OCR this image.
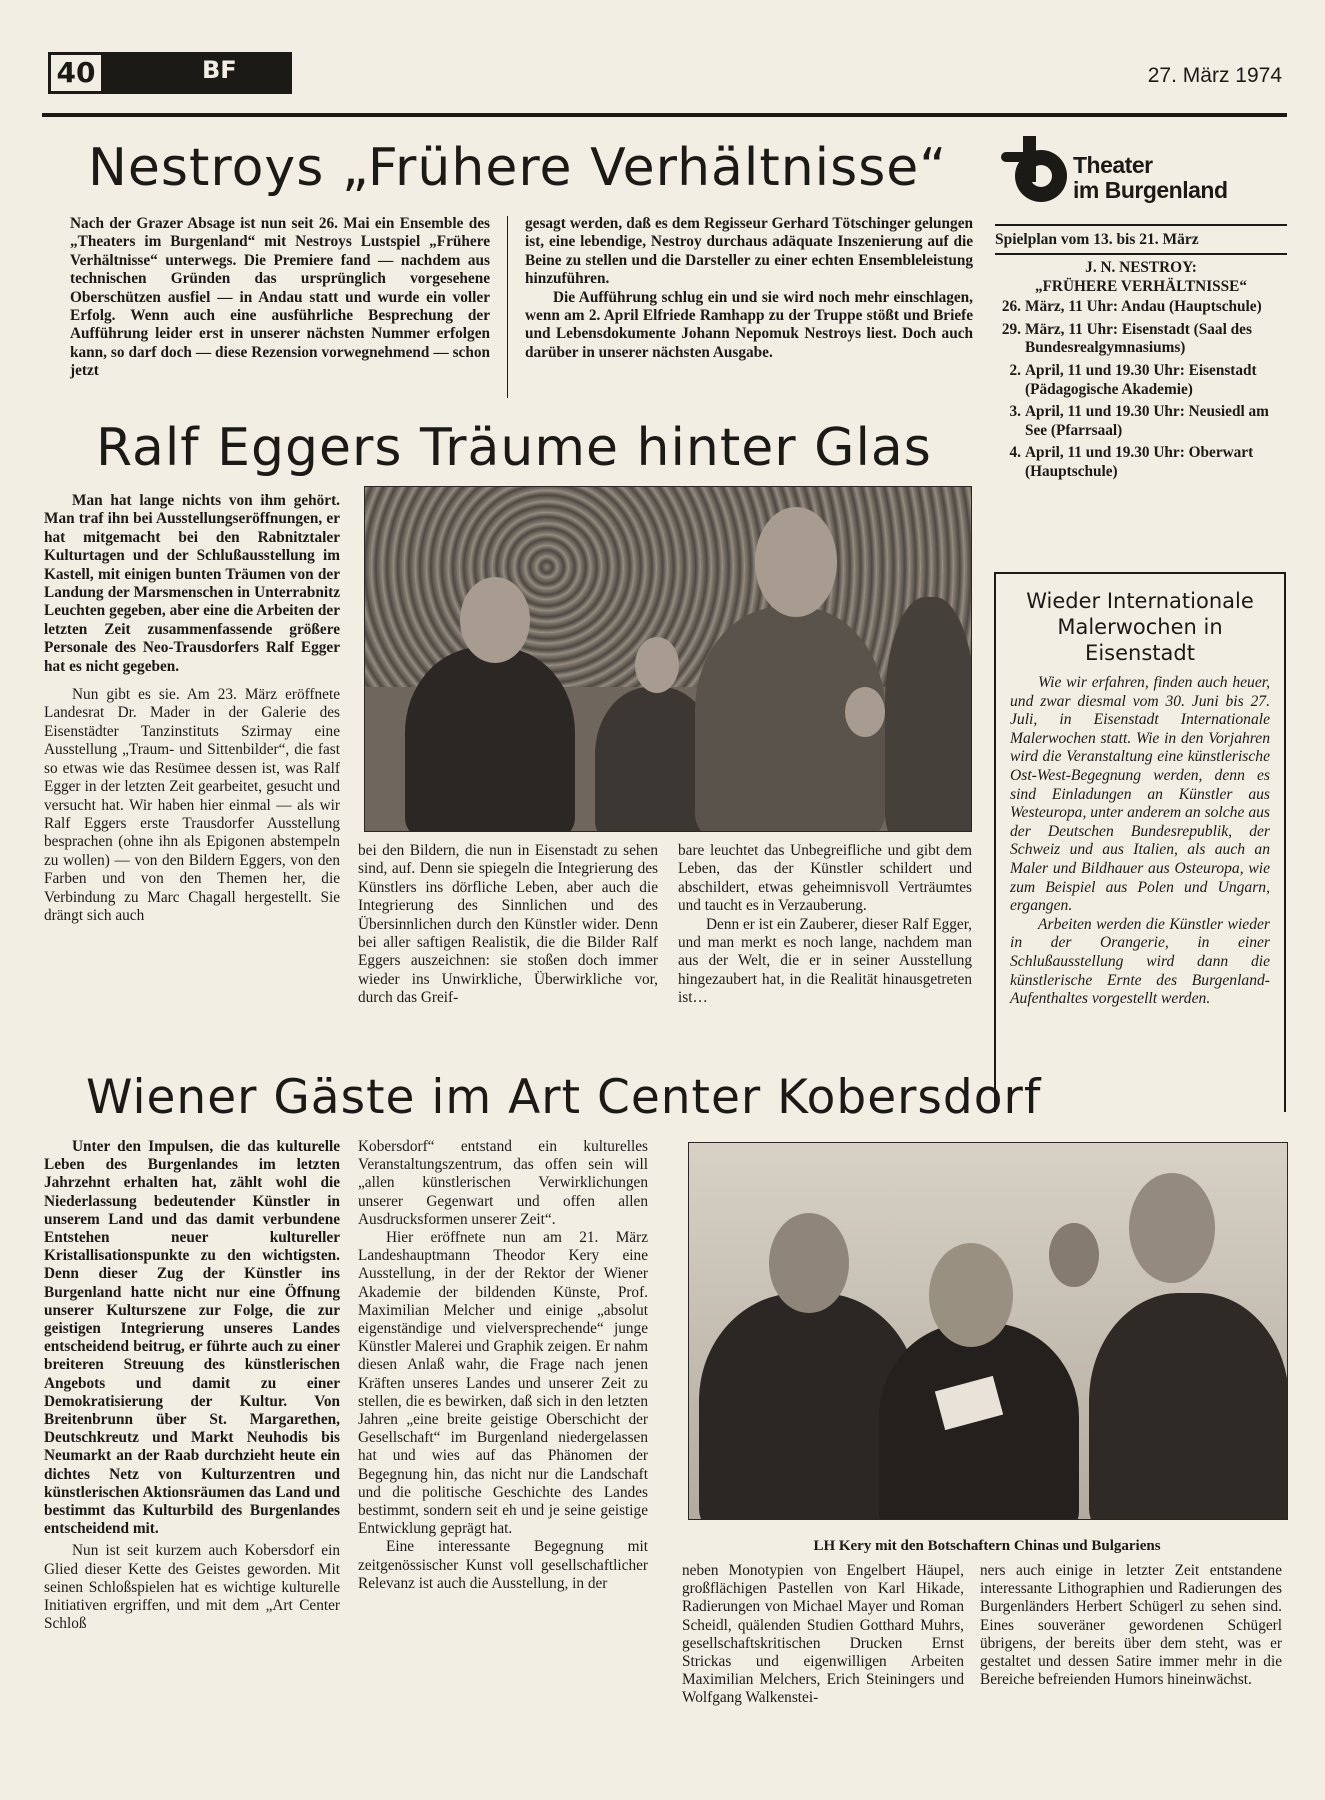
40	BF	27. März 1974
Nestroys „Frühere Verhältnisse“

Nach der Grazer Absage ist nun seit 26. Mai ein Ensemble des „Theaters im Burgenland“ mit Nestroys Lustspiel „Frühere Verhältnisse“ unterwegs. Die Premiere fand — nachdem aus technischen Gründen das ursprünglich vorgesehene Oberschützen ausfiel — in Andau statt und wurde ein voller Erfolg. Wenn auch eine ausführliche Besprechung der Aufführung leider erst in unserer nächsten Nummer erfolgen kann, so darf doch — diese Rezension vorwegnehmend — schon jetzt

gesagt werden, daß es dem Regisseur Gerhard Tötschinger gelungen ist, eine lebendige, Nestroy durchaus adäquate Inszenierung auf die Beine zu stellen und die Darsteller zu einer echten Ensembleleistung hinzuführen.

Die Aufführung schlug ein und sie wird noch mehr einschlagen, wenn am 2. April Elfriede Ramhapp zu der Truppe stößt und Briefe und Lebensdokumente Johann Nepomuk Nestroys liest. Doch auch darüber in unserer nächsten Ausgabe.

Theater
im Burgenland

Spielplan vom 13. bis 21. März

J. N. NESTROY:

„FRÜHERE VERHÄLTNISSE“

26. März, 11 Uhr: Andau (Hauptschule)
29. März, 11 Uhr: Eisenstadt (Saal des Bundesrealgymnasiums)
2. April, 11 und 19.30 Uhr: Eisenstadt (Pädagogische Akademie)
3. April, 11 und 19.30 Uhr: Neusiedl am See (Pfarrsaal)
4. April, 11 und 19.30 Uhr: Oberwart (Hauptschule)
Wieder Internationale Malerwochen in Eisenstadt

Wie wir erfahren, finden auch heuer, und zwar diesmal vom 30. Juni bis 27. Juli, in Eisenstadt Internationale Malerwochen statt. Wie in den Vorjahren wird die Veranstaltung eine künstlerische Ost-West-Begegnung werden, denn es sind Einladungen an Künstler aus Westeuropa, unter anderem an solche aus der Deutschen Bundesrepublik, der Schweiz und aus Italien, als auch an Maler und Bildhauer aus Osteuropa, wie zum Beispiel aus Polen und Ungarn, ergangen.

Arbeiten werden die Künstler wieder in der Orangerie, in einer Schlußausstellung wird dann die künstlerische Ernte des Burgenland-Aufenthaltes vorgestellt werden.

Ralf Eggers Träume hinter Glas

Man hat lange nichts von ihm gehört. Man traf ihn bei Ausstellungseröffnungen, er hat mitgemacht bei den Rabnitztaler Kulturtagen und der Schlußausstellung im Kastell, mit einigen bunten Träumen von der Landung der Marsmenschen in Unterrabnitz Leuchten gegeben, aber eine die Arbeiten der letzten Zeit zusammenfassende größere Personale des Neo-Trausdorfers Ralf Egger hat es nicht gegeben.

Nun gibt es sie. Am 23. März eröffnete Landesrat Dr. Mader in der Galerie des Eisenstädter Tanzinstituts Szirmay eine Ausstellung „Traum- und Sittenbilder“, die fast so etwas wie das Resümee dessen ist, was Ralf Egger in der letzten Zeit gearbeitet, gesucht und versucht hat. Wir haben hier einmal — als wir Ralf Eggers erste Trausdorfer Ausstellung besprachen (ohne ihn als Epigonen abstempeln zu wollen) — von den Bildern Eggers, von den Farben und von den Themen her, die Verbindung zu Marc Chagall hergestellt. Sie drängt sich auch

bei den Bildern, die nun in Eisenstadt zu sehen sind, auf. Denn sie spiegeln die Integrierung des Künstlers ins dörfliche Leben, aber auch die Integrierung des Sinnlichen und des Übersinnlichen durch den Künstler wider. Denn bei aller saftigen Realistik, die die Bilder Ralf Eggers auszeichnen: sie stoßen doch immer wieder ins Unwirkliche, Überwirkliche vor, durch das Greif-

bare leuchtet das Unbegreifliche und gibt dem Leben, das der Künstler schildert und abschildert, etwas geheimnisvoll Verträumtes und taucht es in Verzauberung.

Denn er ist ein Zauberer, dieser Ralf Egger, und man merkt es noch lange, nachdem man aus der Welt, die er in seiner Ausstellung hingezaubert hat, in die Realität hinausgetreten ist…

Wiener Gäste im Art Center Kobersdorf

Unter den Impulsen, die das kulturelle Leben des Burgenlandes im letzten Jahrzehnt erhalten hat, zählt wohl die Niederlassung bedeutender Künstler in unserem Land und das damit verbundene Entstehen neuer kultureller Kristallisationspunkte zu den wichtigsten. Denn dieser Zug der Künstler ins Burgenland hatte nicht nur eine Öffnung unserer Kulturszene zur Folge, die zur geistigen Integrierung unseres Landes entscheidend beitrug, er führte auch zu einer breiteren Streuung des künstlerischen Angebots und damit zu einer Demokratisierung der Kultur. Von Breitenbrunn über St. Margarethen, Deutschkreutz und Markt Neuhodis bis Neumarkt an der Raab durchzieht heute ein dichtes Netz von Kulturzentren und künstlerischen Aktionsräumen das Land und bestimmt das Kulturbild des Burgenlandes entscheidend mit.

Nun ist seit kurzem auch Kobersdorf ein Glied dieser Kette des Geistes geworden. Mit seinen Schloßspielen hat es wichtige kulturelle Initiativen ergriffen, und mit dem „Art Center Schloß

Kobersdorf“ entstand ein kulturelles Veranstaltungszentrum, das offen sein will „allen künstlerischen Verwirklichungen unserer Gegenwart und offen allen Ausdrucksformen unserer Zeit“.

Hier eröffnete nun am 21. März Landeshauptmann Theodor Kery eine Ausstellung, in der der Rektor der Wiener Akademie der bildenden Künste, Prof. Maximilian Melcher und einige „absolut eigenständige und vielversprechende“ junge Künstler Malerei und Graphik zeigen. Er nahm diesen Anlaß wahr, die Frage nach jenen Kräften unseres Landes und unserer Zeit zu stellen, die es bewirken, daß sich in den letzten Jahren „eine breite geistige Oberschicht der Gesellschaft“ im Burgenland niedergelassen hat und wies auf das Phänomen der Begegnung hin, das nicht nur die Landschaft und die politische Geschichte des Landes bestimmt, sondern seit eh und je seine geistige Entwicklung geprägt hat.

Eine interessante Begegnung mit zeitgenössischer Kunst voll gesellschaftlicher Relevanz ist auch die Ausstellung, in der

LH Kery mit den Botschaftern Chinas und Bulgariens

neben Monotypien von Engelbert Häupel, großflächigen Pastellen von Karl Hikade, Radierungen von Michael Mayer und Roman Scheidl, quälenden Studien Gotthard Muhrs, gesellschaftskritischen Drucken Ernst Strickas und eigenwilligen Arbeiten Maximilian Melchers, Erich Steiningers und Wolfgang Walkenstei-

ners auch einige in letzter Zeit entstandene interessante Lithographien und Radierungen des Burgenländers Herbert Schügerl zu sehen sind. Eines souveräner gewordenen Schügerl übrigens, der bereits über dem steht, was er gestaltet und dessen Satire immer mehr in die Bereiche befreienden Humors hineinwächst.
